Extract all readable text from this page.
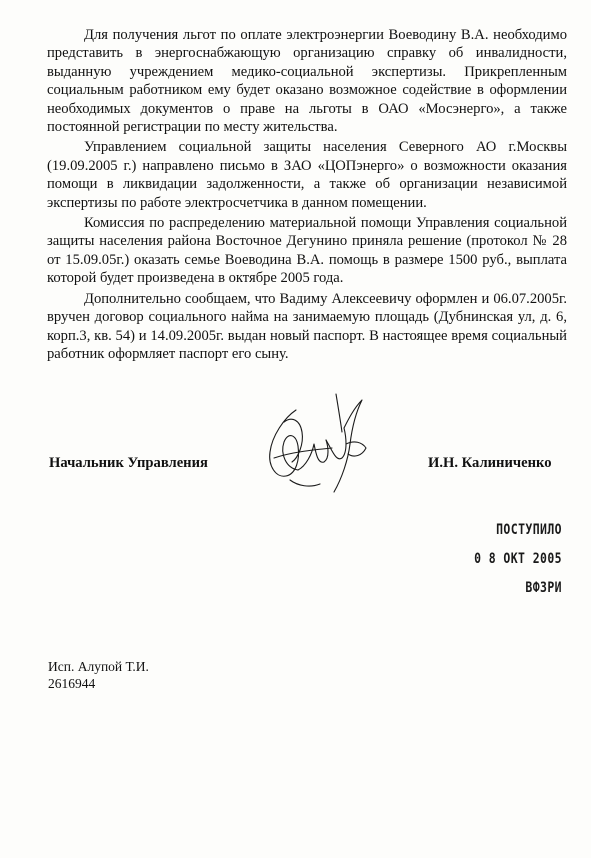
Для получения льгот по оплате электроэнергии Воеводину В.А. необходимо представить в энергоснабжающую организацию справку об инвалидности, выданную учреждением медико-социальной экспертизы. Прикрепленным социальным работником ему будет оказано возможное содействие в оформлении необходимых документов о праве на льготы в ОАО «Мосэнерго», а также постоянной регистрации по месту жительства.

Управлением социальной защиты населения Северного АО г.Москвы (19.09.2005 г.) направлено письмо в ЗАО «ЦОПэнерго» о возможности оказания помощи в ликвидации задолженности, а также об организации независимой экспертизы по работе электросчетчика в данном помещении.

Комиссия по распределению материальной помощи Управления социальной защиты населения района Восточное Дегунино приняла решение (протокол № 28 от 15.09.05г.) оказать семье Воеводина В.А. помощь в размере 1500 руб., выплата которой будет произведена в октябре 2005 года.

Дополнительно сообщаем, что Вадиму Алексеевичу оформлен и 06.07.2005г. вручен договор социального найма на занимаемую площадь (Дубнинская ул, д. 6, корп.3, кв. 54) и 14.09.2005г. выдан новый паспорт. В настоящее время социальный работник оформляет паспорт его сыну.

Начальник Управления	И.Н. Калиниченко
ПОСТУПИЛО
0 8 ОКТ 2005
ВФЗРИ
Исп. Алупой Т.И.
2616944
